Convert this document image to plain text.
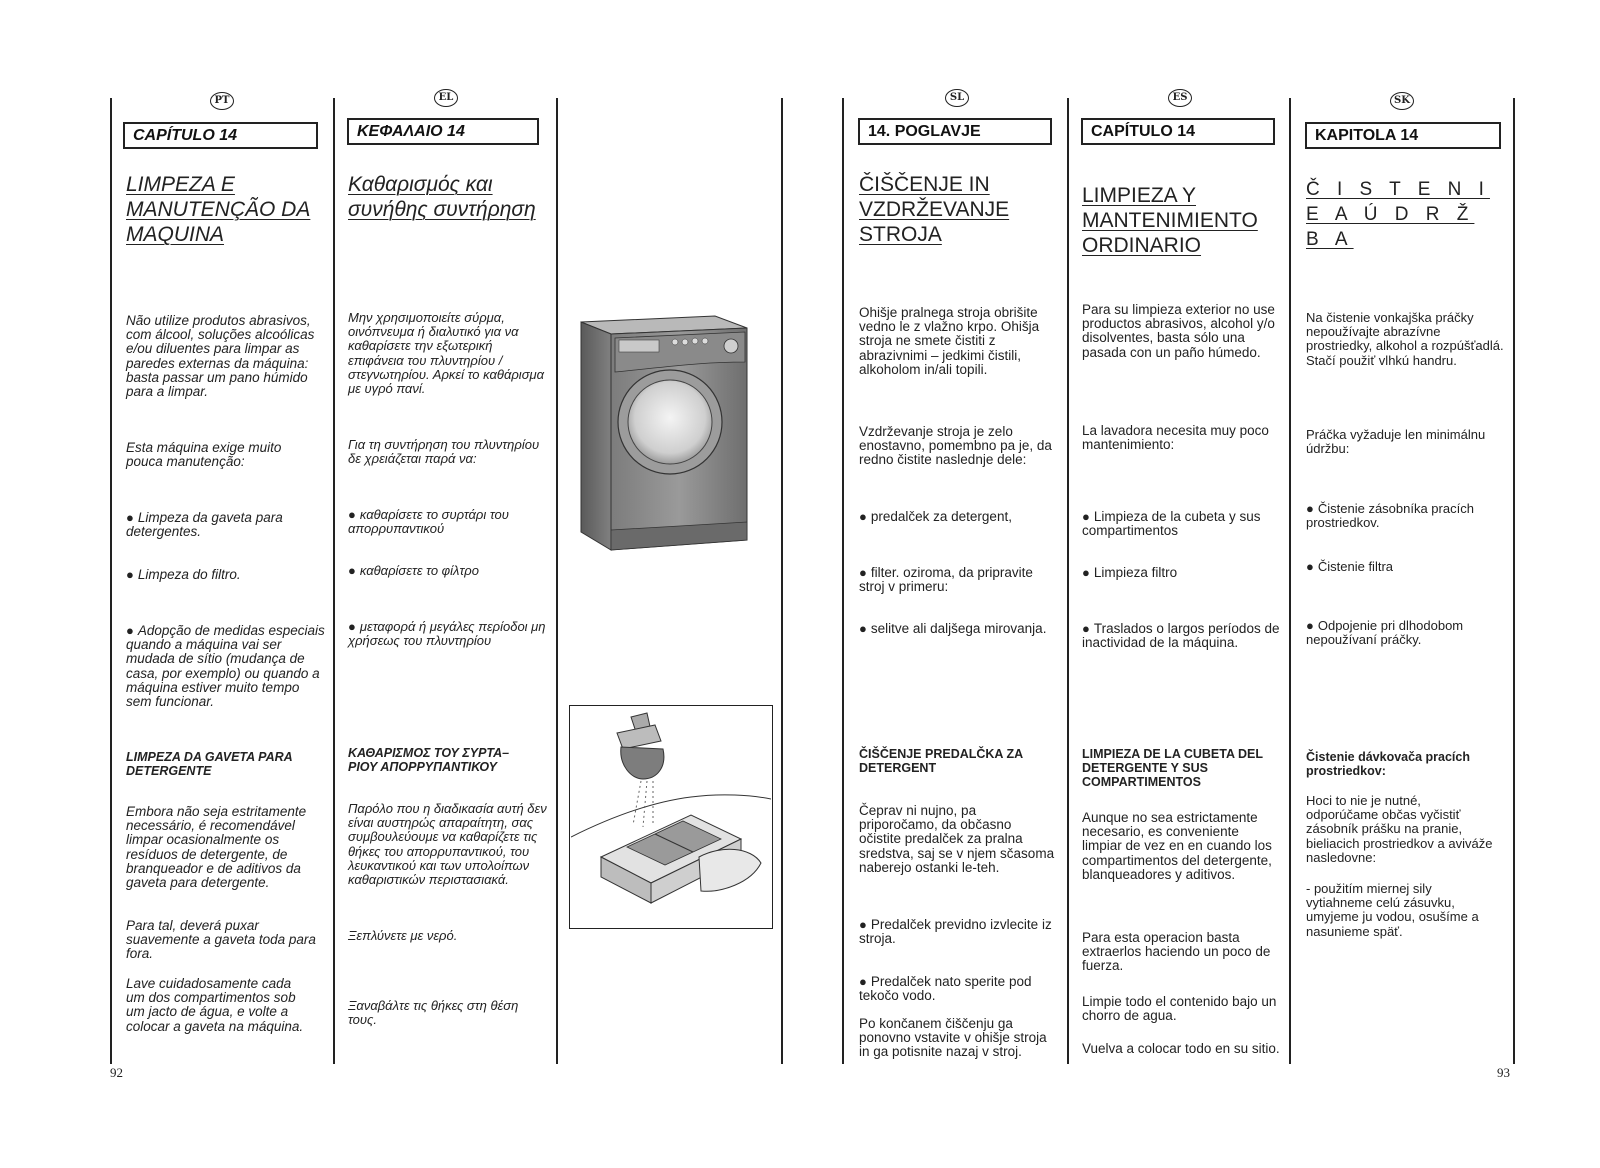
PT
CAPÍTULO 14
LIMPEZA E MANUTENÇÃO DA MAQUINA
Não utilize produtos abrasivos, com álcool, soluções alcoólicas e/ou diluentes para limpar as paredes externas da máquina: basta passar um pano húmido para a limpar.
Esta máquina exige muito pouca manutenção:
● Limpeza da gaveta para detergentes.
● Limpeza do filtro.
● Adopção de medidas especiais quando a máquina vai ser mudada de sítio (mudança de casa, por exemplo) ou quando a máquina estiver muito tempo sem funcionar.
LIMPEZA DA GAVETA PARA DETERGENTE
Embora não seja estritamente necessário, é recomendável limpar ocasionalmente os resíduos de detergente, de branqueador e de aditivos da gaveta para detergente.
Para tal, deverá puxar suavemente a gaveta toda para fora.
Lave cuidadosamente cada um dos compartimentos sob um jacto de água, e volte a colocar a gaveta na máquina.
92
EL
ΚΕΦΑΛΑΙΟ 14
Καθαρισμός και συνήθης συντήρηση
Μην χρησιμοποιείτε σύρμα, οινόπνευμα ή διαλυτικό για να καθαρίσετε την εξωτερική επιφάνεια του πλυντηρίου / στεγνωτηρίου. Αρκεί το καθάρισμα με υγρό πανί.
Για τη συντήρηση του πλυντηρίου δε χρειάζεται παρά να:
● καθαρίσετε το συρτάρι του απορρυπαντικού
● καθαρίσετε το φίλτρο
● μεταφορά ή μεγάλες περίοδοι μη χρήσεως του πλυντηρίου
ΚΑΘΑΡΙΣΜΟΣ ΤΟΥ ΣΥΡΤΑ– ΡΙΟΥ ΑΠΟΡΡΥΠΑΝΤΙΚΟΥ
Παρόλο που η διαδικασία αυτή δεν είναι αυστηρώς απαραίτητη, σας συμβουλεύουμε να καθαρίζετε τις θήκες του απορρυπαντικού, του λευκαντικού και των υπολοίπων καθαριστικών περιστασιακά.
Ξεπλύνετε με νερό.
Ξαναβάλτε τις θήκες στη θέση τους.
SL
14. POGLAVJE
ČIŠČENJE IN VZDRŽEVANJE STROJA
Ohišje pralnega stroja obrišite vedno le z vlažno krpo. Ohišja stroja ne smete čistiti z abrazivnimi – jedkimi čistili, alkoholom in/ali topili.
Vzdrževanje stroja je zelo enostavno, pomembno pa je, da redno čistite naslednje dele:
● predalček za detergent,
● filter. oziroma, da pripravite stroj v primeru:
● selitve ali daljšega mirovanja.
ČIŠČENJE PREDALČKA ZA DETERGENT
Čeprav ni nujno, pa priporočamo, da občasno očistite predalček za pralna sredstva, saj se v njem sčasoma naberejo ostanki le-teh.
● Predalček previdno izvlecite iz stroja.
● Predalček nato sperite pod tekočo vodo.
Po končanem čiščenju ga ponovno vstavite v ohišje stroja in ga potisnite nazaj v stroj.
ES
CAPÍTULO 14
LIMPIEZA Y MANTENIMIENTO ORDINARIO
Para su limpieza exterior no use productos abrasivos, alcohol y/o disolventes, basta sólo una pasada con un paño húmedo.
La lavadora necesita muy poco mantenimiento:
● Limpieza de la cubeta y sus compartimentos
● Limpieza filtro
● Traslados o largos períodos de inactividad de la máquina.
LIMPIEZA DE LA CUBETA DEL DETERGENTE Y SUS COMPARTIMENTOS
Aunque no sea estrictamente necesario, es conveniente limpiar de vez en en cuando los compartimentos del detergente, blanqueadores y aditivos.
Para esta operacion basta extraerlos haciendo un poco de fuerza.
Limpie todo el contenido bajo un chorro de agua.
Vuelva a colocar todo en su sitio.
SK
KAPITOLA 14
Č I S T E N I E A Ú D R Ž B A
Na čistenie vonkajška práčky nepoužívajte abrazívne prostriedky, alkohol a rozpúšťadlá. Stačí použiť vlhkú handru.
Práčka vyžaduje len minimálnu údržbu:
● Čistenie zásobníka pracích prostriedkov.
● Čistenie filtra
● Odpojenie pri dlhodobom nepoužívaní práčky.
Čistenie dávkovača pracích prostriedkov:
Hoci to nie je nutné, odporúčame občas vyčistiť zásobník prášku na pranie, bieliacich prostriedkov a aviváže nasledovne:
- použitím miernej sily vytiahneme celú zásuvku, umyjeme ju vodou, osušíme a nasunieme späť.
93
